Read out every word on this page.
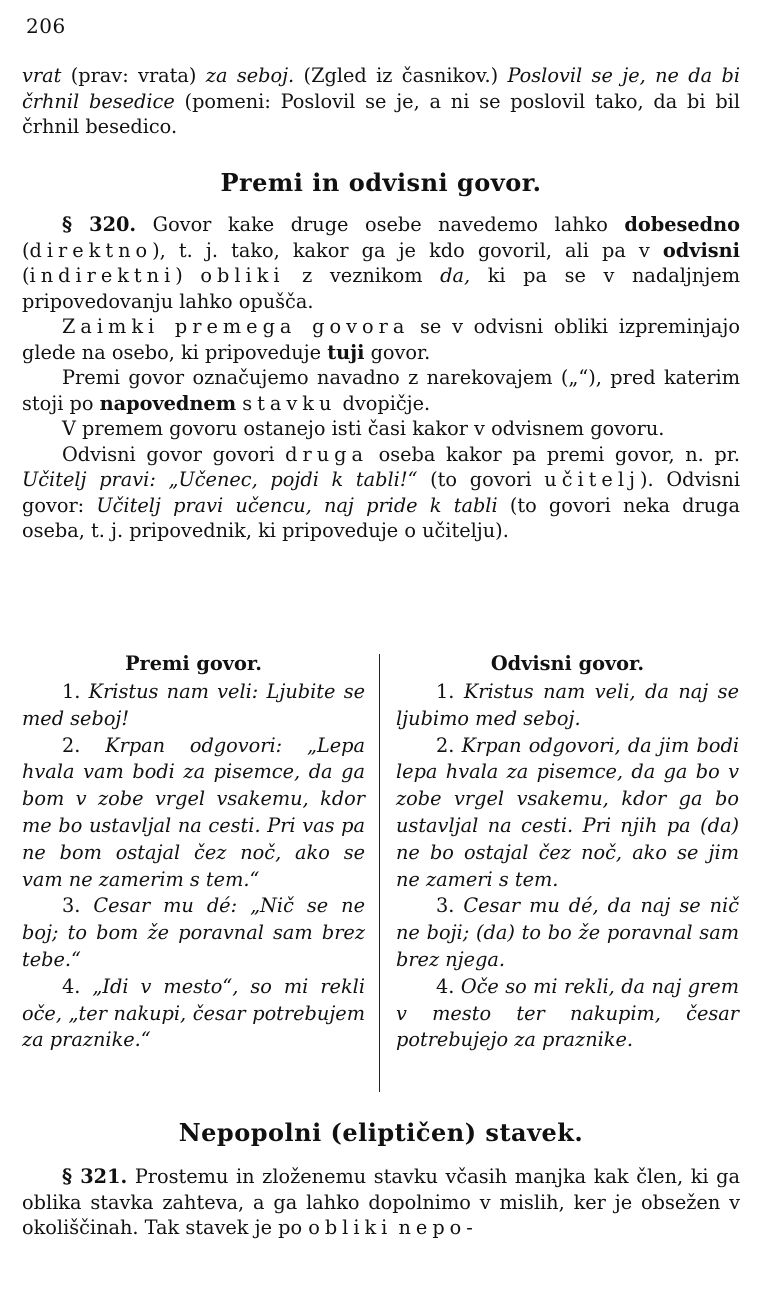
206

vrat (prav: vrata) za seboj. (Zgled iz časnikov.) Poslovil se je, ne da bi črhnil besedice (pomeni: Poslovil se je, a ni se poslovil tako, da bi bil črhnil besedico.

Premi in odvisni govor.

§ 320. Govor kake druge osebe navedemo lahko dobesedno (direktno), t. j. tako, kakor ga je kdo govoril, ali pa v odvisni (indirektni) obliki z veznikom da, ki pa se v nadaljnjem pripovedovanju lahko opušča.

Zaimki premega govora se v odvisni obliki izpreminjajo glede na osebo, ki pripoveduje tuji govor.

Premi govor označujemo navadno z narekovajem („“), pred katerim stoji po napovednem stavku dvopičje.

V premem govoru ostanejo isti časi kakor v odvisnem govoru.

Odvisni govor govori druga oseba kakor pa premi govor, n. pr. Učitelj pravi: „Učenec, pojdi k tabli!“ (to govori učitelj). Odvisni govor: Učitelj pravi učencu, naj pride k tabli (to govori neka druga oseba, t. j. pripovednik, ki pripoveduje o učitelju).

Premi govor.

1. Kristus nam veli: Ljubite se med seboj!

2. Krpan odgovori: „Lepa hvala vam bodi za pisemce, da ga bom v zobe vrgel vsakemu, kdor me bo ustavljal na cesti. Pri vas pa ne bom ostajal čez noč, ako se vam ne zamerim s tem.“

3. Cesar mu dé: „Nič se ne boj; to bom že poravnal sam brez tebe.“

4. „Idi v mesto“, so mi rekli oče, „ter nakupi, česar potrebujem za praznike.“

Odvisni govor.

1. Kristus nam veli, da naj se ljubimo med seboj.

2. Krpan odgovori, da jim bodi lepa hvala za pisemce, da ga bo v zobe vrgel vsakemu, kdor ga bo ustavljal na cesti. Pri njih pa (da) ne bo ostajal čez noč, ako se jim ne zameri s tem.

3. Cesar mu dé, da naj se nič ne boji; (da) to bo že poravnal sam brez njega.

4. Oče so mi rekli, da naj grem v mesto ter nakupim, česar potrebujejo za praznike.

Nepopolni (eliptičen) stavek.

§ 321. Prostemu in zloženemu stavku včasih manjka kak člen, ki ga oblika stavka zahteva, a ga lahko dopolnimo v mislih, ker je obsežen v okoliščinah. Tak stavek je po obliki nepo-
